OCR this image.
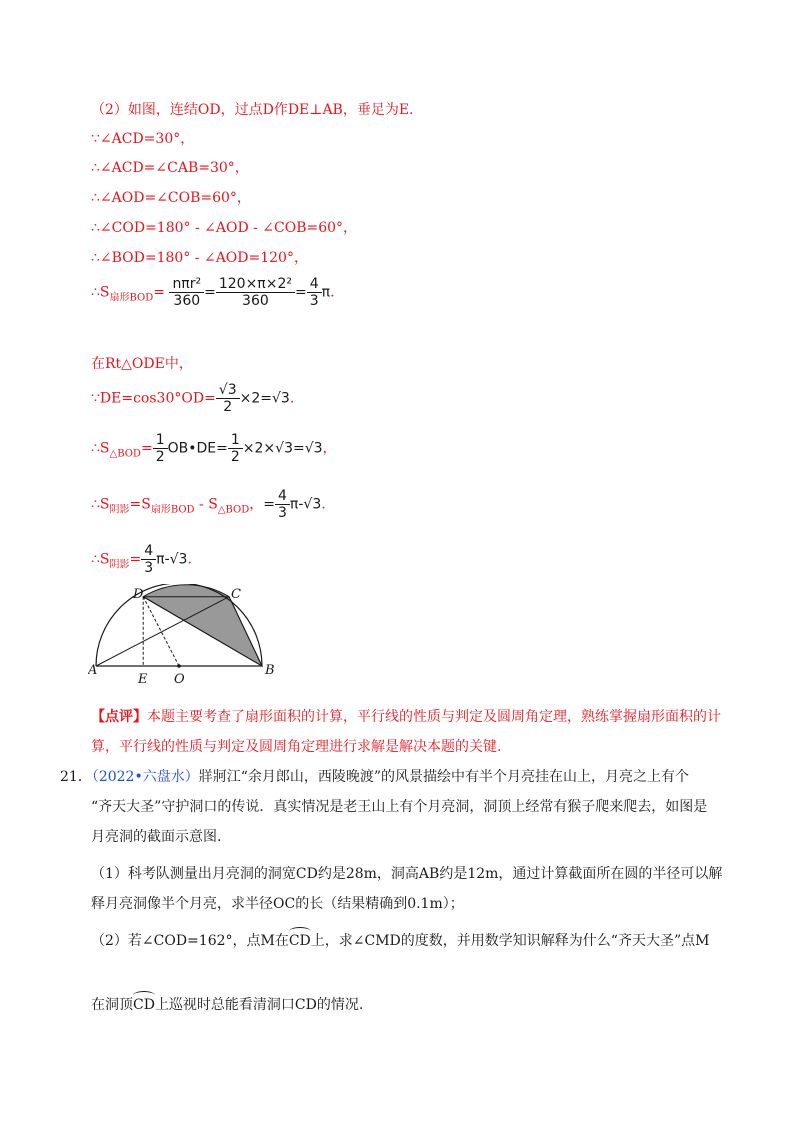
（2）如图，连结OD，过点D作DE⊥AB，垂足为E.
∵∠ACD=30°，
∴∠ACD=∠CAB=30°，
∴∠AOD=∠COB=60°，
∴∠COD=180° - ∠AOD - ∠COB=60°，
∴∠BOD=180° - ∠AOD=120°，
$\therefore S_{扇形BOD}= \frac{\text{nπr²}}{360} = \frac{\text{120×π×2²}}{360} = \frac{4}{3} \pi$.
在Rt△ODE中，
∵DE=cos30°OD= $\frac{√3}{2} \times 2=√3$.
$\therefore S_{\triangle BOD}= \frac{1}{2}$ OB•DE= $\frac{1}{2} \times 2\times√3=√3$，
$\therefore S_{阴影}=S_{扇形BOD} - S_{\triangle BOD}$，= $\frac{4}{3} \pi-√3$.
$\therefore S_{阴影}= \frac{4}{3} \pi-√3$.
D	C
A
E O
B
【点评】本题主要考查了扇形面积的计算，平行线的性质与判定及圆周角定理，熟练掌握扇形面积的计
算，平行线的性质与判定及圆周角定理进行求解是解决本题的关键.
21．（2022•六盘水）牂牁江“余月郎山，西陵晚渡”的风景描绘中有半个月亮挂在山上，月亮之上有个
“齐天大圣”守护洞口的传说．真实情况是老王山上有个月亮洞，洞顶上经常有猴子爬来爬去，如图是
月亮洞的截面示意图．
（1）科考队测量出月亮洞的洞宽CD约是28m，洞高AB约是12m，通过计算截面所在圆的半径可以解
释月亮洞像半个月亮，求半径OC的长（结果精确到0.1m）；
（2）若∠COD=162°，点M在CD上，求∠CMD的度数，并用数学知识解释为什么“齐天大圣”点M
在洞顶CD上巡视时总能看清洞口CD的情况.
